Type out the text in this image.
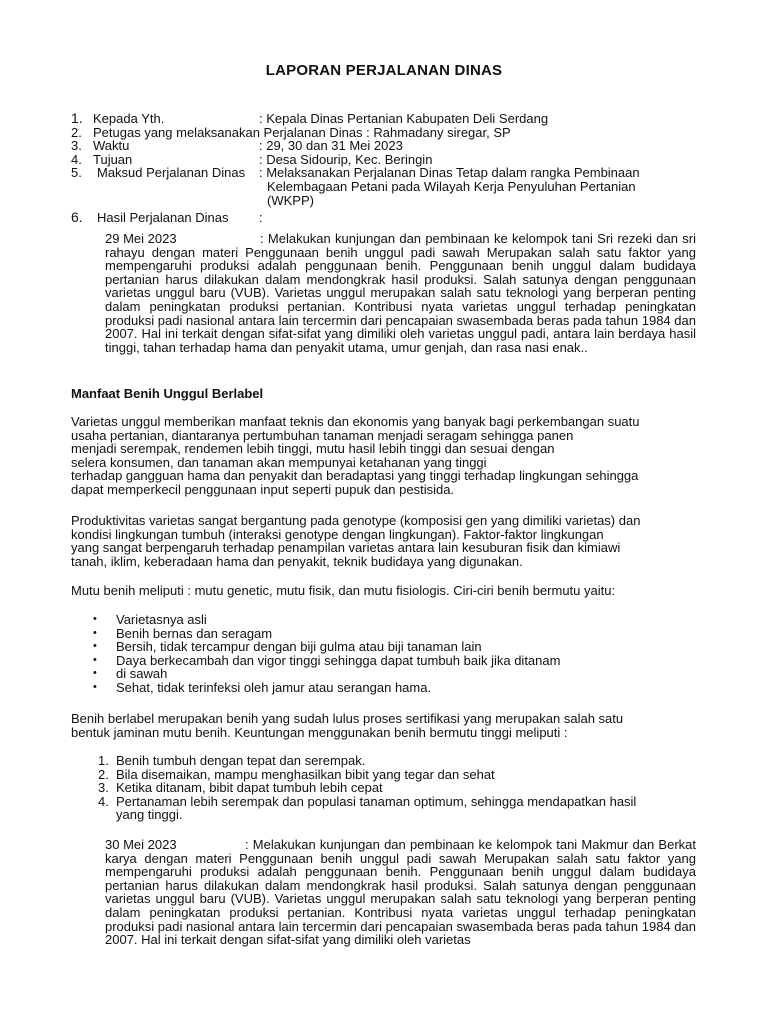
LAPORAN PERJALANAN DINAS
1. Kepada Yth.	: Kepala Dinas Pertanian Kabupaten Deli Serdang
2. Petugas yang melaksanakan Perjalanan Dinas : Rahmadany siregar, SP
3. Waktu	: 29, 30 dan 31 Mei 2023
4. Tujuan	: Desa Sidourip, Kec. Beringin
5. Maksud Perjalanan Dinas : Melaksanakan Perjalanan Dinas Tetap dalam rangka Pembinaan
Kelembagaan Petani pada Wilayah Kerja Penyuluhan Pertanian
(WKPP)
6. Hasil Perjalanan Dinas :

29 Mei 2023	: Melakukan kunjungan dan pembinaan ke kelompok tani Sri rezeki dan sri rahayu dengan materi Penggunaan benih unggul padi sawah Merupakan salah satu faktor yang mempengaruhi produksi adalah penggunaan benih. Penggunaan benih unggul dalam budidaya pertanian harus dilakukan dalam mendongkrak hasil produksi. Salah satunya dengan penggunaan varietas unggul baru (VUB). Varietas unggul merupakan salah satu teknologi yang berperan penting dalam peningkatan produksi pertanian. Kontribusi nyata varietas unggul terhadap peningkatan produksi padi nasional antara lain tercermin dari pencapaian swasembada beras pada tahun 1984 dan 2007. Hal ini terkait dengan sifat-sifat yang dimiliki oleh varietas unggul padi, antara lain berdaya hasil tinggi, tahan terhadap hama dan penyakit utama, umur genjah, dan rasa nasi enak..

Manfaat Benih Unggul Berlabel
Varietas unggul memberikan manfaat teknis dan ekonomis yang banyak bagi perkembangan suatu
usaha pertanian, diantaranya pertumbuhan tanaman menjadi seragam sehingga panen
menjadi serempak, rendemen lebih tinggi, mutu hasil lebih tinggi dan sesuai dengan
selera konsumen, dan tanaman akan mempunyai ketahanan yang tinggi
terhadap gangguan hama dan penyakit dan beradaptasi yang tinggi terhadap lingkungan sehingga
dapat memperkecil penggunaan input seperti pupuk dan pestisida.
Produktivitas varietas sangat bergantung pada genotype (komposisi gen yang dimiliki varietas) dan
kondisi lingkungan tumbuh (interaksi genotype dengan lingkungan). Faktor-faktor lingkungan
yang sangat berpengaruh terhadap penampilan varietas antara lain kesuburan fisik dan kimiawi
tanah, iklim, keberadaan hama dan penyakit, teknik budidaya yang digunakan.
Mutu benih meliputi : mutu genetic, mutu fisik, dan mutu fisiologis. Ciri-ciri benih bermutu yaitu:
• Varietasnya asli
• Benih bernas dan seragam
• Bersih, tidak tercampur dengan biji gulma atau biji tanaman lain
• Daya berkecambah dan vigor tinggi sehingga dapat tumbuh baik jika ditanam
• di sawah
• Sehat, tidak terinfeksi oleh jamur atau serangan hama.
Benih berlabel merupakan benih yang sudah lulus proses sertifikasi yang merupakan salah satu
bentuk jaminan mutu benih. Keuntungan menggunakan benih bermutu tinggi meliputi :
1. Benih tumbuh dengan tepat dan serempak.
2. Bila disemaikan, mampu menghasilkan bibit yang tegar dan sehat
3. Ketika ditanam, bibit dapat tumbuh lebih cepat
4. Pertanaman lebih serempak dan populasi tanaman optimum, sehingga mendapatkan hasil yang tinggi.

30 Mei 2023	: Melakukan kunjungan dan pembinaan ke kelompok tani Makmur dan Berkat karya dengan materi Penggunaan benih unggul padi sawah Merupakan salah satu faktor yang mempengaruhi produksi adalah penggunaan benih. Penggunaan benih unggul dalam budidaya pertanian harus dilakukan dalam mendongkrak hasil produksi. Salah satunya dengan penggunaan varietas unggul baru (VUB). Varietas unggul merupakan salah satu teknologi yang berperan penting dalam peningkatan produksi pertanian. Kontribusi nyata varietas unggul terhadap peningkatan produksi padi nasional antara lain tercermin dari pencapaian swasembada beras pada tahun 1984 dan 2007. Hal ini terkait dengan sifat-sifat yang dimiliki oleh varietas
